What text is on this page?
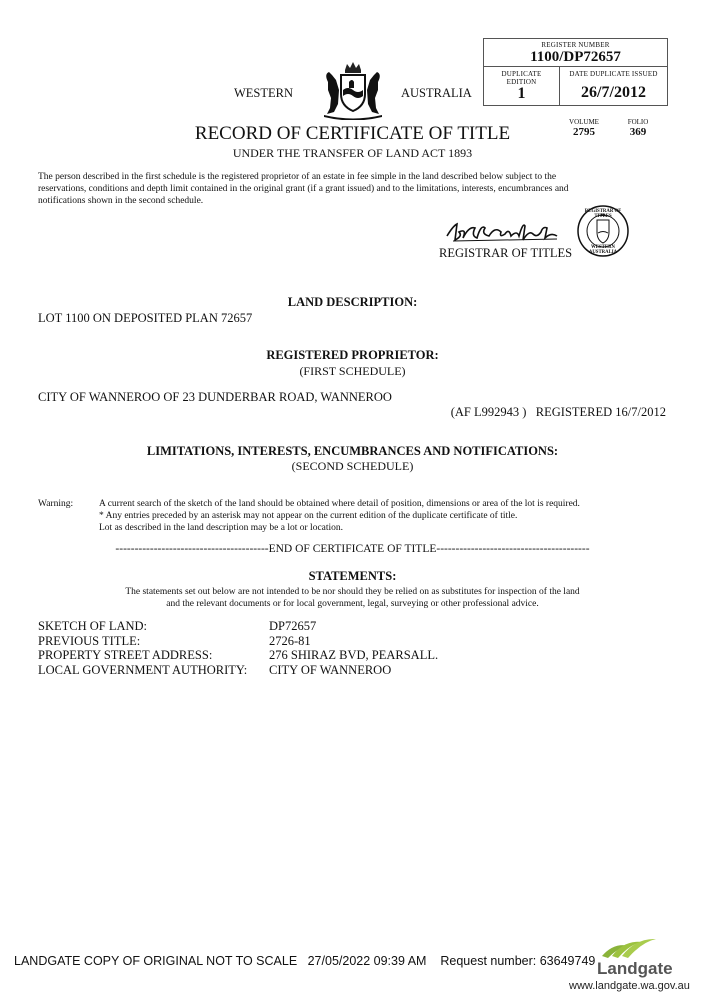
REGISTER NUMBER
1100/DP72657
DUPLICATE
EDITION
1
DATE DUPLICATE ISSUED
26/7/2012
VOLUME
2795
FOLIO
369
WESTERN	AUSTRALIA
RECORD OF CERTIFICATE OF TITLE
UNDER THE TRANSFER OF LAND ACT 1893
The person described in the first schedule is the registered proprietor of an estate in fee simple in the land described below subject to the
reservations, conditions and depth limit contained in the original grant (if a grant issued) and to the limitations, interests, encumbrances and
notifications shown in the second schedule.
REGISTRAR OF TITLES
WESTERN AUSTRALIA
REGISTRAR OF TITLES
LAND DESCRIPTION:
LOT 1100 ON DEPOSITED PLAN 72657
REGISTERED PROPRIETOR:
(FIRST SCHEDULE)
CITY OF WANNEROO OF 23 DUNDERBAR ROAD, WANNEROO
(AF L992943 )   REGISTERED 16/7/2012
LIMITATIONS, INTERESTS, ENCUMBRANCES AND NOTIFICATIONS:
(SECOND SCHEDULE)
Warning:	A current search of the sketch of the land should be obtained where detail of position, dimensions or area of the lot is required.
* Any entries preceded by an asterisk may not appear on the current edition of the duplicate certificate of title.
Lot as described in the land description may be a lot or location.
----------------------------------------END OF CERTIFICATE OF TITLE----------------------------------------
STATEMENTS:
The statements set out below are not intended to be nor should they be relied on as substitutes for inspection of the land
and the relevant documents or for local government, legal, surveying or other professional advice.
SKETCH OF LAND:
PREVIOUS TITLE:
PROPERTY STREET ADDRESS:
LOCAL GOVERNMENT AUTHORITY:
DP72657
2726-81
276 SHIRAZ BVD, PEARSALL.
CITY OF WANNEROO
LANDGATE COPY OF ORIGINAL NOT TO SCALE 27/05/2022 09:39 AM Request number: 63649749 Landgate
www.landgate.wa.gov.au
